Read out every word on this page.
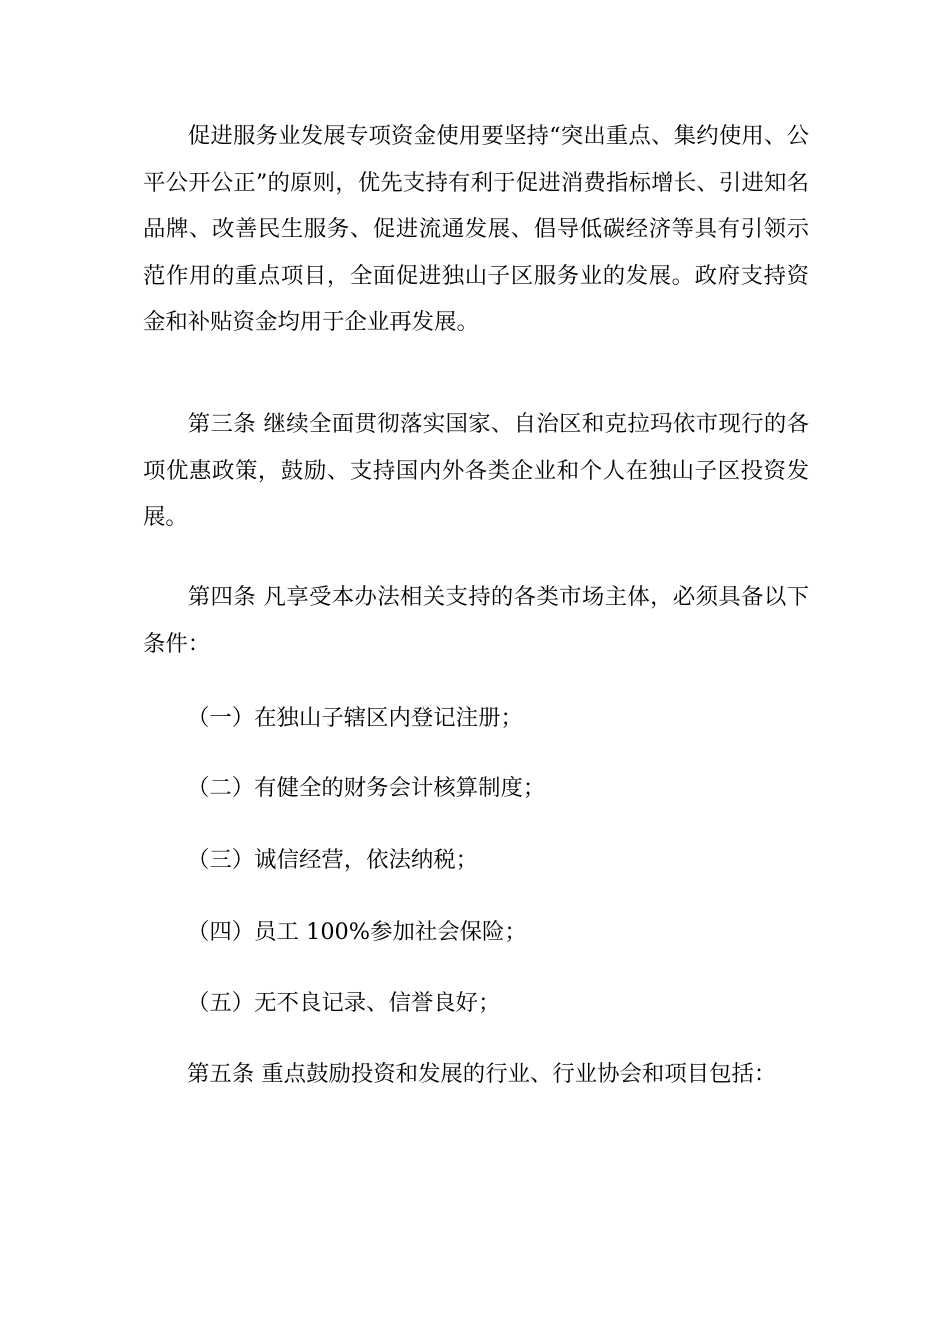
促进服务业发展专项资金使用要坚持“突出重点、集约使用、公平公开公正”的原则，优先支持有利于促进消费指标增长、引进知名品牌、改善民生服务、促进流通发展、倡导低碳经济等具有引领示范作用的重点项目，全面促进独山子区服务业的发展。政府支持资金和补贴资金均用于企业再发展。

第三条 继续全面贯彻落实国家、自治区和克拉玛依市现行的各项优惠政策，鼓励、支持国内外各类企业和个人在独山子区投资发展。

第四条 凡享受本办法相关支持的各类市场主体，必须具备以下条件：

（一）在独山子辖区内登记注册；

（二）有健全的财务会计核算制度；

（三）诚信经营，依法纳税；

（四）员工 100%参加社会保险；

（五）无不良记录、信誉良好；

第五条 重点鼓励投资和发展的行业、行业协会和项目包括：
